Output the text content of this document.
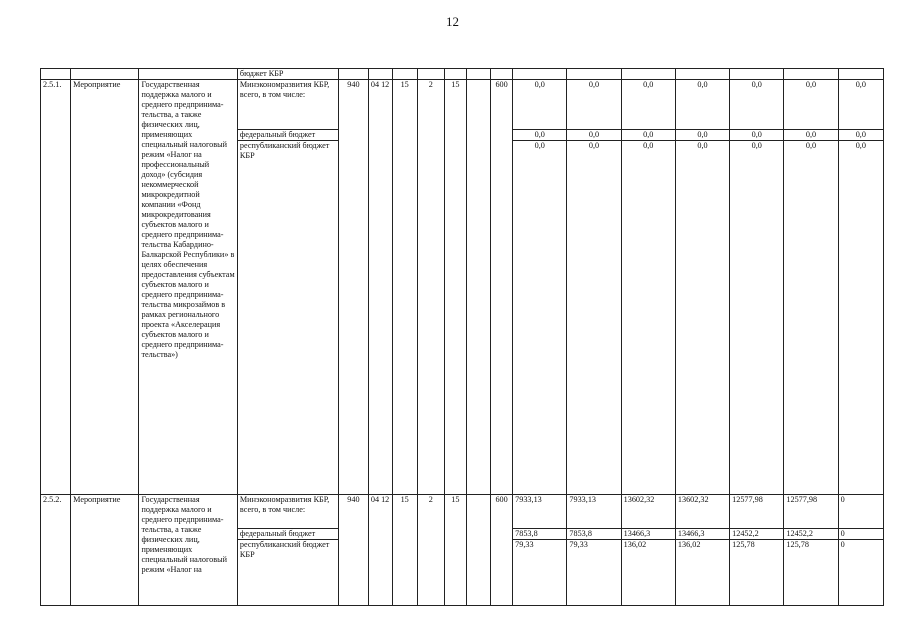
12
			бюджет КБР														
2.5.1.	Мероприятие	Государственная поддержка малого и среднего предпринима-тельства, а также физических лиц, применяющих специальный налоговый режим «Налог на профессиональный доход» (субсидия некоммерческой микрокредитной компании «Фонд микрокредитования субъектов малого и среднего предпринима-тельства Кабардино-Балкарской Республики» в целях обеспечения предоставления субъектам субъектов малого и среднего предпринима-тельства микрозаймов в рамках регионального проекта «Акселерация субъектов малого и среднего предпринима-тельства»)	Минэкономразвития КБР, всего, в том числе:	940	04 12	15	2	15		600	0,0	0,0	0,0	0,0	0,0	0,0	0,0
			федеральный бюджет								0,0	0,0	0,0	0,0	0,0	0,0	0,0
			республиканский бюджет КБР								0,0	0,0	0,0	0,0	0,0	0,0	0,0
2.5.2.	Мероприятие	Государственная поддержка малого и среднего предпринима-тельства, а также физических лиц, применяющих специальный налоговый режим «Налог на	Минэкономразвития КБР, всего, в том числе:	940	04 12	15	2	15		600	7933,13	7933,13	13602,32	13602,32	12577,98	12577,98	0
			федеральный бюджет								7853,8	7853,8	13466,3	13466,3	12452,2	12452,2	0
			республиканский бюджет КБР								79,33	79,33	136,02	136,02	125,78	125,78	0
